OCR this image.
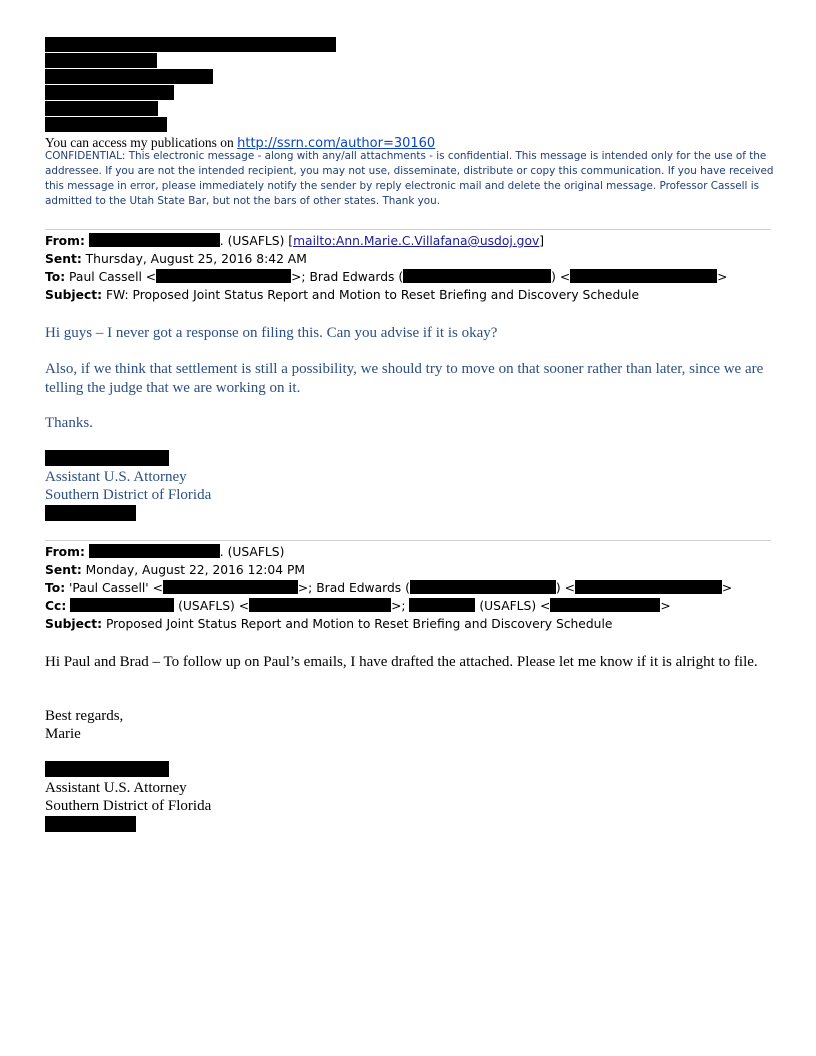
You can access my publications on http://ssrn.com/author=30160
CONFIDENTIAL: This electronic message - along with any/all attachments - is confidential. This message is intended only for the use of the addressee. If you are not the intended recipient, you may not use, disseminate, distribute or copy this communication. If you have received this message in error, please immediately notify the sender by reply electronic mail and delete the original message. Professor Cassell is admitted to the Utah State Bar, but not the bars of other states. Thank you.
From:	. (USAFLS) [mailto:Ann.Marie.C.Villafana@usdoj.gov]
Sent: Thursday, August 25, 2016 8:42 AM
To: Paul Cassell <	>; Brad Edwards (	) <	>
Subject: FW: Proposed Joint Status Report and Motion to Reset Briefing and Discovery Schedule
Hi guys – I never got a response on filing this. Can you advise if it is okay?
Also, if we think that settlement is still a possibility, we should try to move on that sooner rather than later, since we are telling the judge that we are working on it.
Thanks.
Assistant U.S. Attorney
Southern District of Florida
From:	. (USAFLS)
Sent: Monday, August 22, 2016 12:04 PM
To: 'Paul Cassell' <	>; Brad Edwards (	) <	>
Cc:	(USAFLS) <	>;	(USAFLS) <	>
Subject: Proposed Joint Status Report and Motion to Reset Briefing and Discovery Schedule
Hi Paul and Brad – To follow up on Paul’s emails, I have drafted the attached. Please let me know if it is alright to file.
Best regards,
Marie
Assistant U.S. Attorney
Southern District of Florida
